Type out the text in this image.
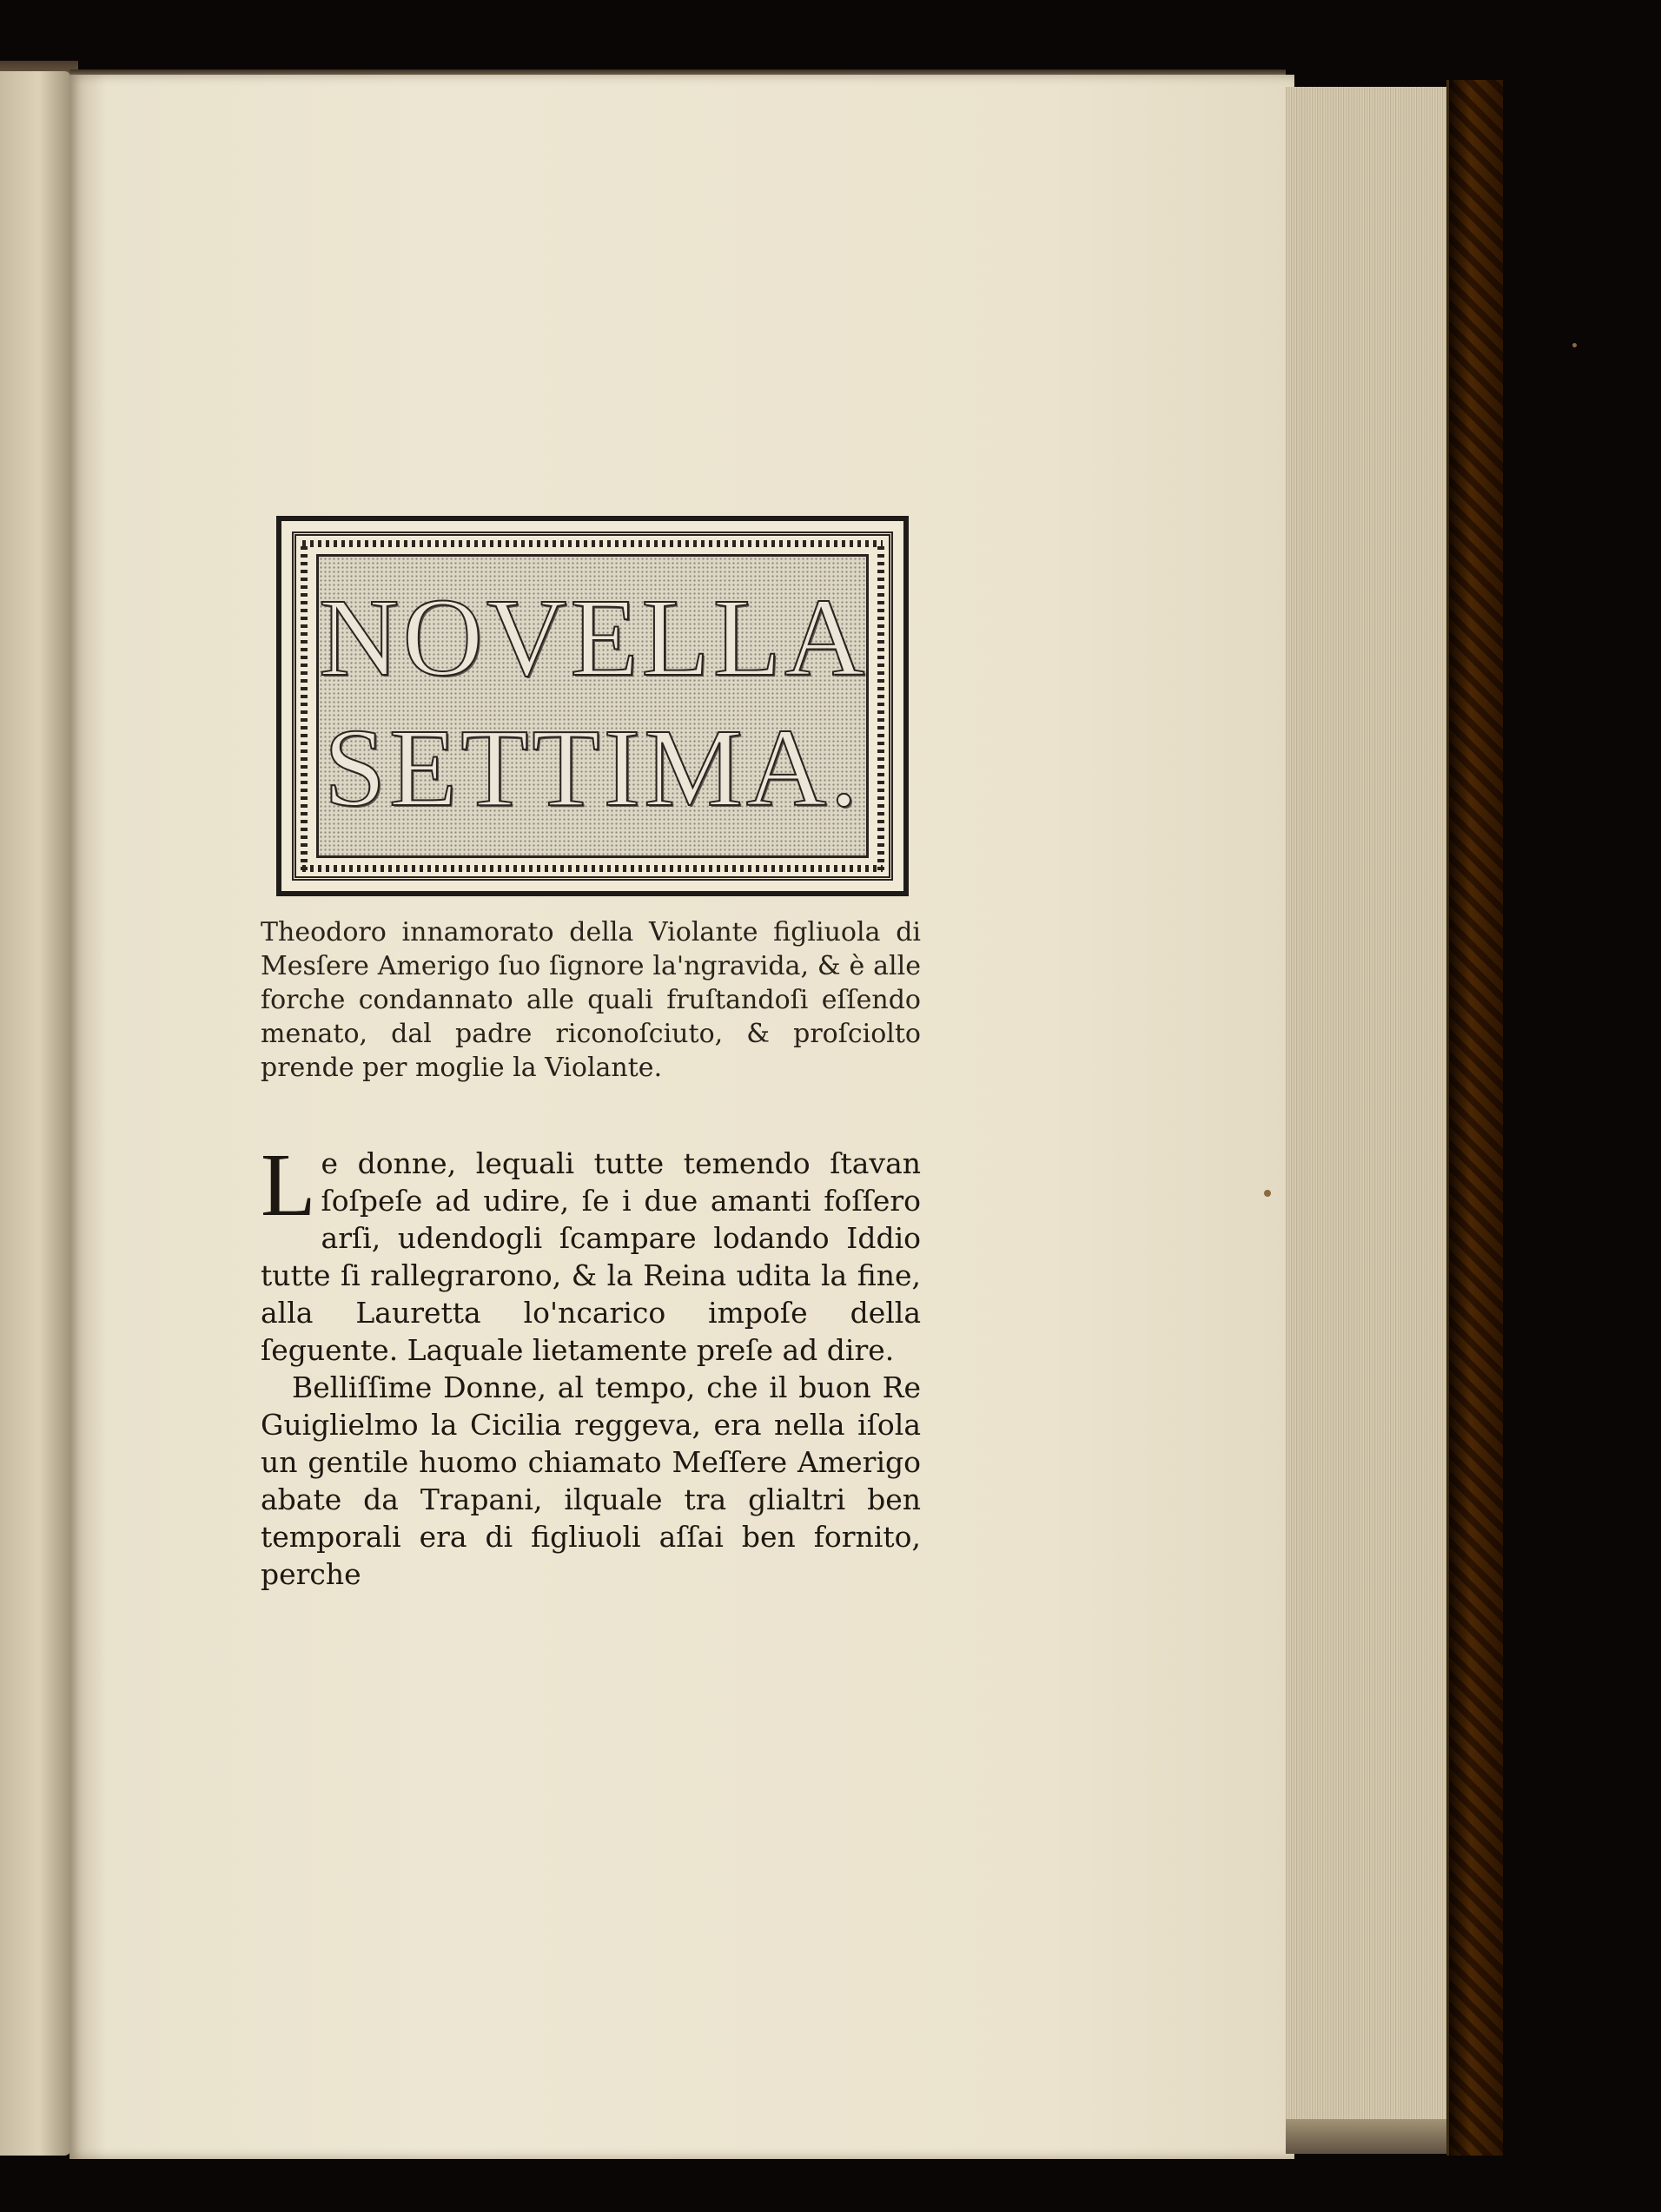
NOVELLA
SETTIMA.

Theodoro innamorato della Violante figliuola di Mesſere Amerigo ſuo ſignore la'ngravida, & è alle forche condannato alle quali fruſtandoſi eſſendo menato, dal padre riconoſciuto, & proſciolto prende per moglie la Violante.

Le donne, lequali tutte temendo ſtavan ſoſpeſe ad udire, ſe i due amanti foſſero arſi, udendogli ſcampare lodando Iddio tutte ſi rallegrarono, & la Reina udita la fine, alla Lauretta lo'ncarico impoſe della ſeguente. Laquale lietamente preſe ad dire.

Belliſſime Donne, al tempo, che il buon Re Guiglielmo la Cicilia reggeva, era nella iſola un gentile huomo chiamato Meſſere Amerigo abate da Trapani, ilquale tra glialtri ben temporali era di figliuoli aſſai ben fornito, perche
